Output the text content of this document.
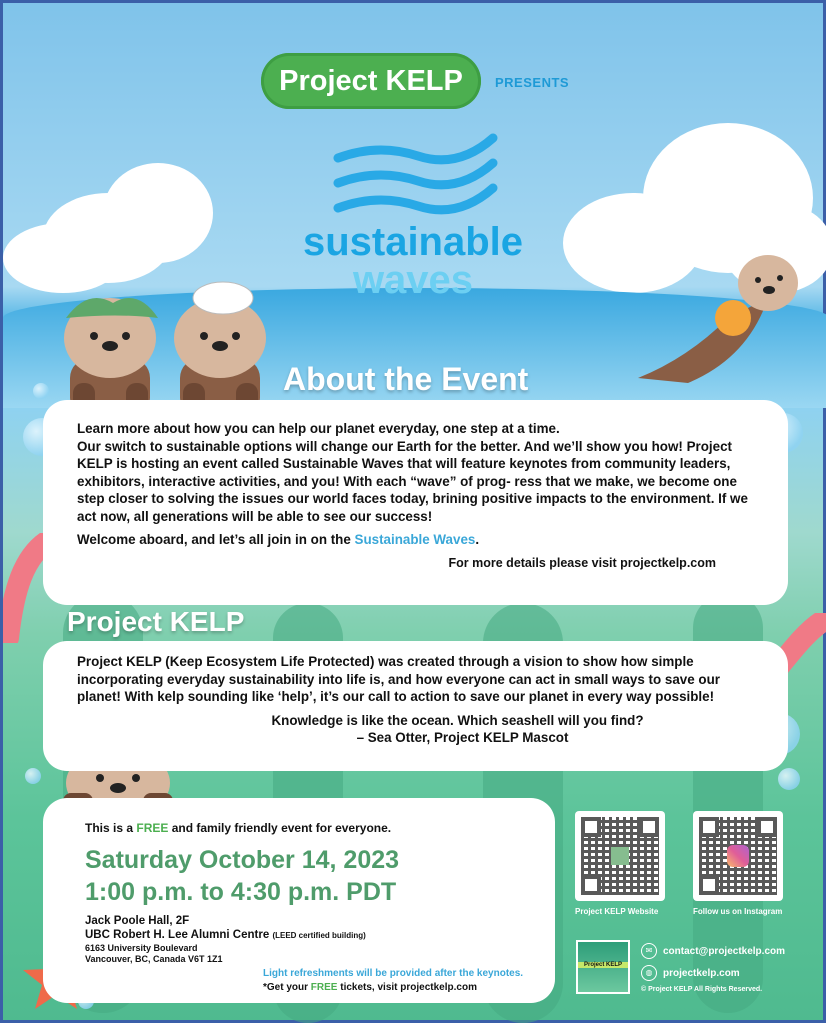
Project KELP	PRESENTS
sustainable
waves
About the Event

Learn more about how you can help our planet everyday, one step at a time.

Our switch to sustainable options will change our Earth for the better. And we’ll show you how! Project KELP is hosting an event called Sustainable Waves that will feature keynotes from community leaders, exhibitors, interactive activities, and you! With each “wave” of prog- ress that we make, we become one step closer to solving the issues our world faces today, brining positive impacts to the environment. If we act now, all generations will be able to see our success!

Welcome aboard, and let’s all join in on the Sustainable Waves.

For more details please visit projectkelp.com

Project KELP

Project KELP (Keep Ecosystem Life Protected) was created through a vision to show how simple incorporating everyday sustainability into life is, and how everyone can act in small ways to save our planet! With kelp sounding like ‘help’, it’s our call to action to save our planet in every way possible!

Knowledge is like the ocean. Which seashell will you find?

– Sea Otter, Project KELP Mascot

This is a FREE and family friendly event for everyone.

Saturday October 14, 2023
1:00 p.m. to 4:30 p.m. PDT
Jack Poole Hall, 2F
UBC Robert H. Lee Alumni Centre (LEED certified building)
6163 University Boulevard
Vancouver, BC, Canada V6T 1Z1
Light refreshments will be provided after the keynotes.
*Get your FREE tickets, visit projectkelp.com
Project KELP Website	Follow us on Instagram
Project KELP
✉	contact@projectkelp.com
◍	projectkelp.com
© Project KELP All Rights Reserved.
